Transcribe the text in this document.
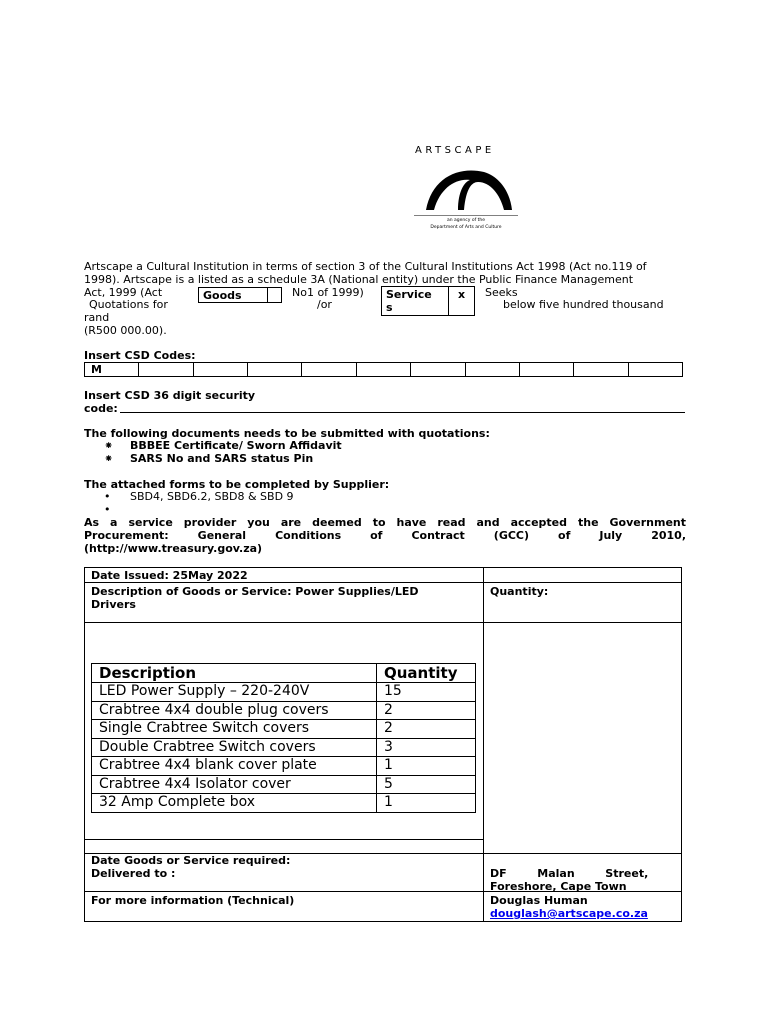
ARTSCAPE
an agency of the
Department of Arts and Culture
Artscape a Cultural Institution in terms of section 3 of the Cultural Institutions Act 1998 (Act no.119 of
1998). Artscape is a listed as a schedule 3A (National entity) under the Public Finance Management
Act, 1999 (Act	Goods	No1 of 1999)	Service
s
x	Seeks
Quotations for	/or	below five hundred thousand
rand
(R500 000.00).
Insert CSD Codes:
M
Insert CSD 36 digit security
code:
The following documents needs to be submitted with quotations:
⁕ BBBEE Certificate/ Sworn Affidavit
⁕ SARS No and SARS status Pin
The attached forms to be completed by Supplier:
• SBD4, SBD6.2, SBD8 & SBD 9
•
As a service provider you are deemed to have read and accepted the Government
Procurement: General Conditions of Contract (GCC) of July 2010,
(http://www.treasury.gov.za)
Date Issued: 25May 2022
Description of Goods or Service: Power Supplies/LED
Drivers
Quantity:
Description	Quantity
LED Power Supply – 220-240V	15
Crabtree 4x4 double plug covers	2
Single Crabtree Switch covers	2
Double Crabtree Switch covers	3
Crabtree 4x4 blank cover plate	1
Crabtree 4x4 Isolator cover	5
32 Amp Complete box	1
Date Goods or Service required:
Delivered to :	DF        Malan        Street,
Foreshore, Cape Town
For more information (Technical)	Douglas Human
douglash@artscape.co.za
